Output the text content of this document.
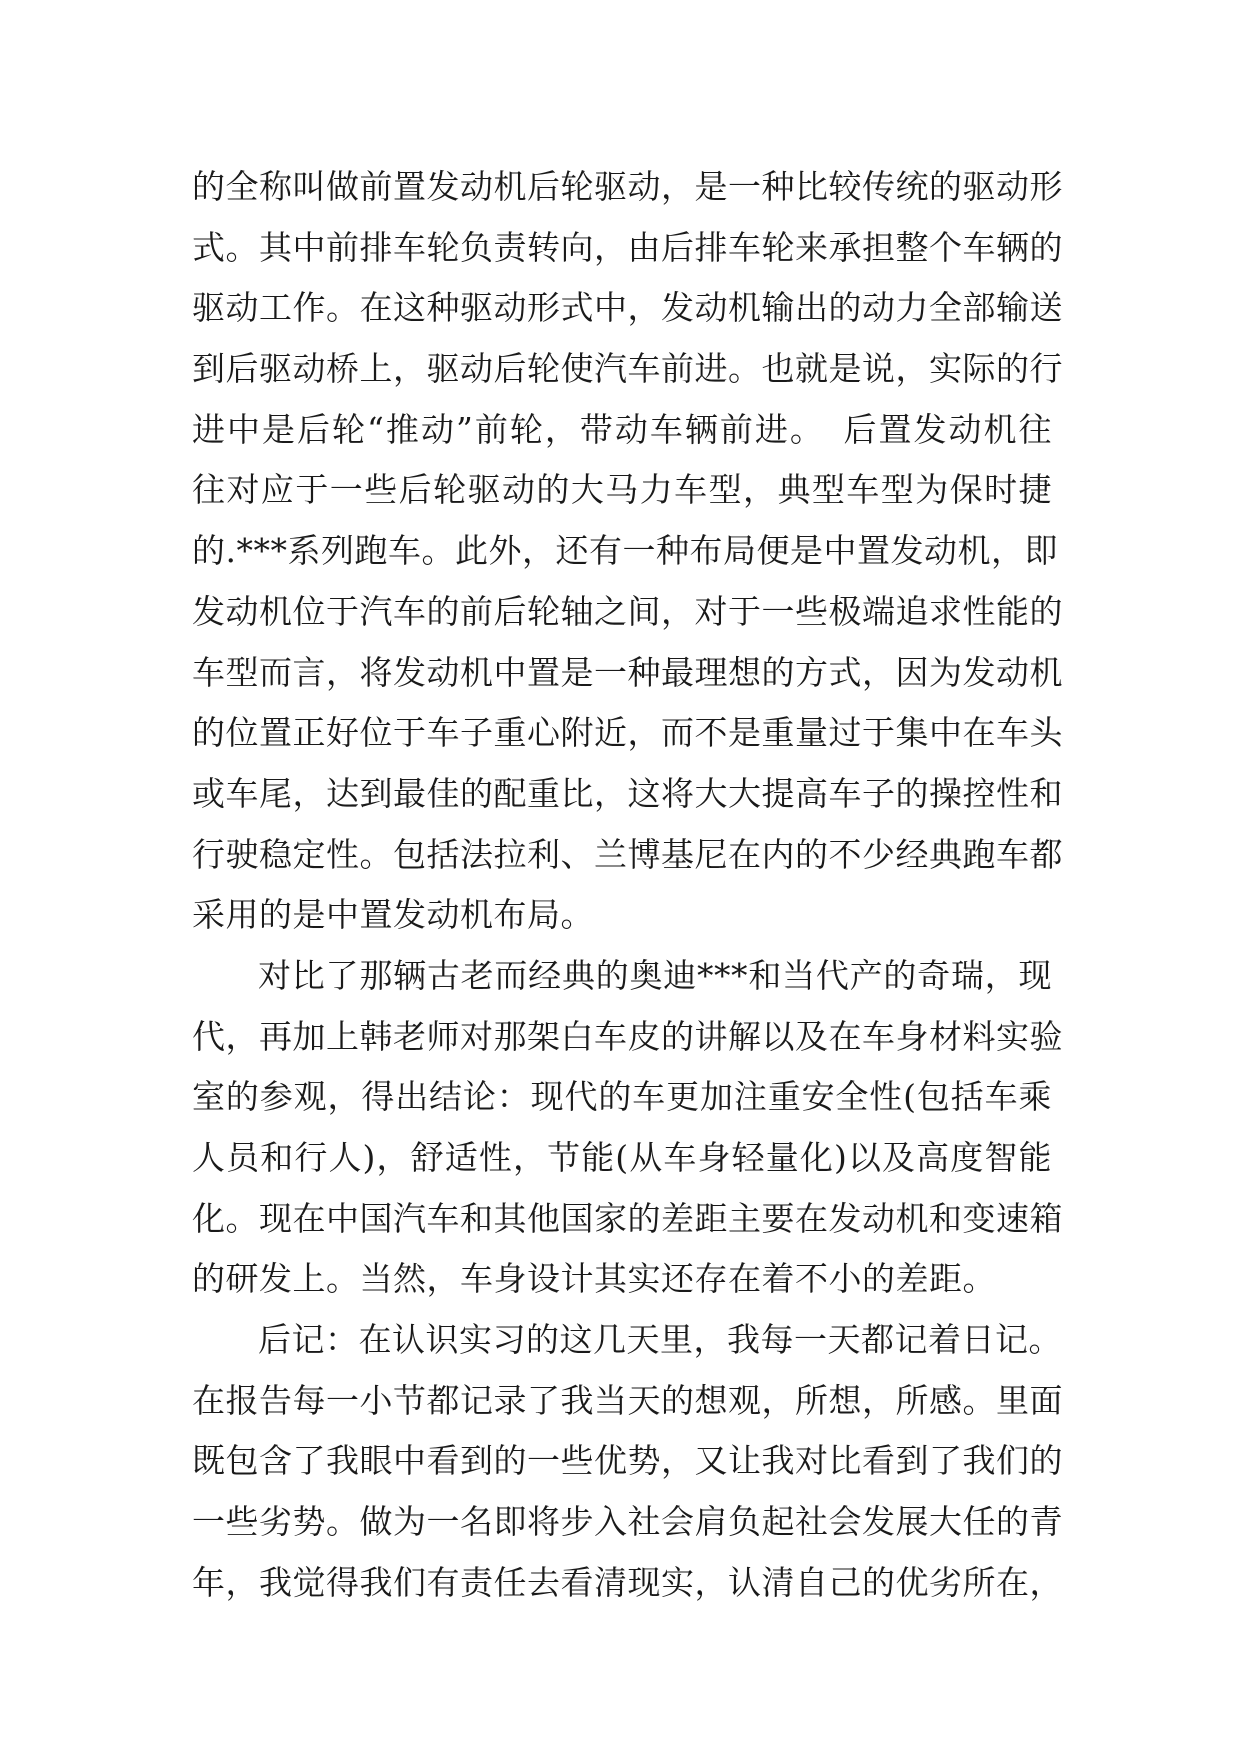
的全称叫做前置发动机后轮驱动，是一种比较传统的驱动形
式。其中前排车轮负责转向，由后排车轮来承担整个车辆的
驱动工作。在这种驱动形式中，发动机输出的动力全部输送
到后驱动桥上，驱动后轮使汽车前进。也就是说，实际的行
进中是后轮“推动”前轮，带动车辆前进。　后置发动机往
往对应于一些后轮驱动的大马力车型，典型车型为保时捷
的.***系列跑车。此外，还有一种布局便是中置发动机，即
发动机位于汽车的前后轮轴之间，对于一些极端追求性能的
车型而言，将发动机中置是一种最理想的方式，因为发动机
的位置正好位于车子重心附近，而不是重量过于集中在车头
或车尾，达到最佳的配重比，这将大大提高车子的操控性和
行驶稳定性。包括法拉利、兰博基尼在内的不少经典跑车都
采用的是中置发动机布局。
对比了那辆古老而经典的奥迪***和当代产的奇瑞，现
代，再加上韩老师对那架白车皮的讲解以及在车身材料实验
室的参观，得出结论：现代的车更加注重安全性(包括车乘
人员和行人)，舒适性，节能(从车身轻量化)以及高度智能
化。现在中国汽车和其他国家的差距主要在发动机和变速箱
的研发上。当然，车身设计其实还存在着不小的差距。
后记：在认识实习的这几天里，我每一天都记着日记。
在报告每一小节都记录了我当天的想观，所想，所感。里面
既包含了我眼中看到的一些优势，又让我对比看到了我们的
一些劣势。做为一名即将步入社会肩负起社会发展大任的青
年，我觉得我们有责任去看清现实，认清自己的优劣所在，
